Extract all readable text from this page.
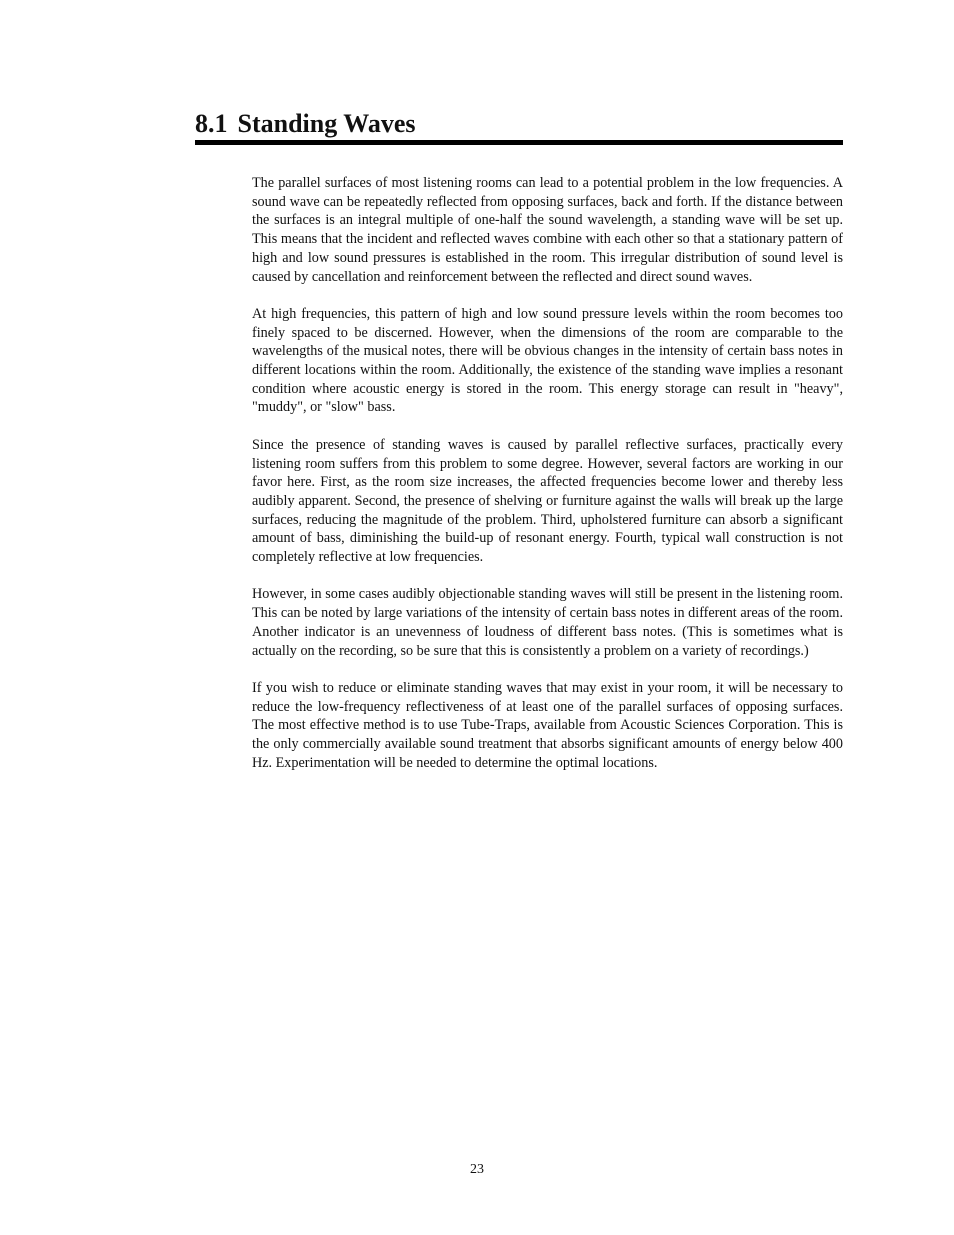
8.1 Standing Waves

The parallel surfaces of most listening rooms can lead to a potential problem in the low frequencies. A sound wave can be repeatedly reflected from opposing surfaces, back and forth. If the distance between the surfaces is an integral multiple of one-half the sound wavelength, a standing wave will be set up. This means that the incident and reflected waves combine with each other so that a stationary pattern of high and low sound pressures is established in the room. This irregular distribution of sound level is caused by cancellation and reinforcement between the reflected and direct sound waves.

At high frequencies, this pattern of high and low sound pressure levels within the room becomes too finely spaced to be discerned. However, when the dimensions of the room are comparable to the wavelengths of the musical notes, there will be obvious changes in the intensity of certain bass notes in different locations within the room. Additionally, the existence of the standing wave implies a resonant condition where acoustic energy is stored in the room. This energy storage can result in "heavy", "muddy", or "slow" bass.

Since the presence of standing waves is caused by parallel reflective surfaces, practically every listening room suffers from this problem to some degree. However, several factors are working in our favor here. First, as the room size increases, the affected frequencies become lower and thereby less audibly apparent. Second, the presence of shelving or furniture against the walls will break up the large surfaces, reducing the magnitude of the problem. Third, upholstered furniture can absorb a significant amount of bass, diminishing the build-up of resonant energy. Fourth, typical wall construction is not completely reflective at low frequencies.

However, in some cases audibly objectionable standing waves will still be present in the listening room. This can be noted by large variations of the intensity of certain bass notes in different areas of the room. Another indicator is an unevenness of loudness of different bass notes. (This is sometimes what is actually on the recording, so be sure that this is consistently a problem on a variety of recordings.)

If you wish to reduce or eliminate standing waves that may exist in your room, it will be necessary to reduce the low-frequency reflectiveness of at least one of the parallel surfaces of opposing surfaces. The most effective method is to use Tube-Traps, available from Acoustic Sciences Corporation. This is the only commercially available sound treatment that absorbs significant amounts of energy below 400 Hz. Experimentation will be needed to determine the optimal locations.

23
